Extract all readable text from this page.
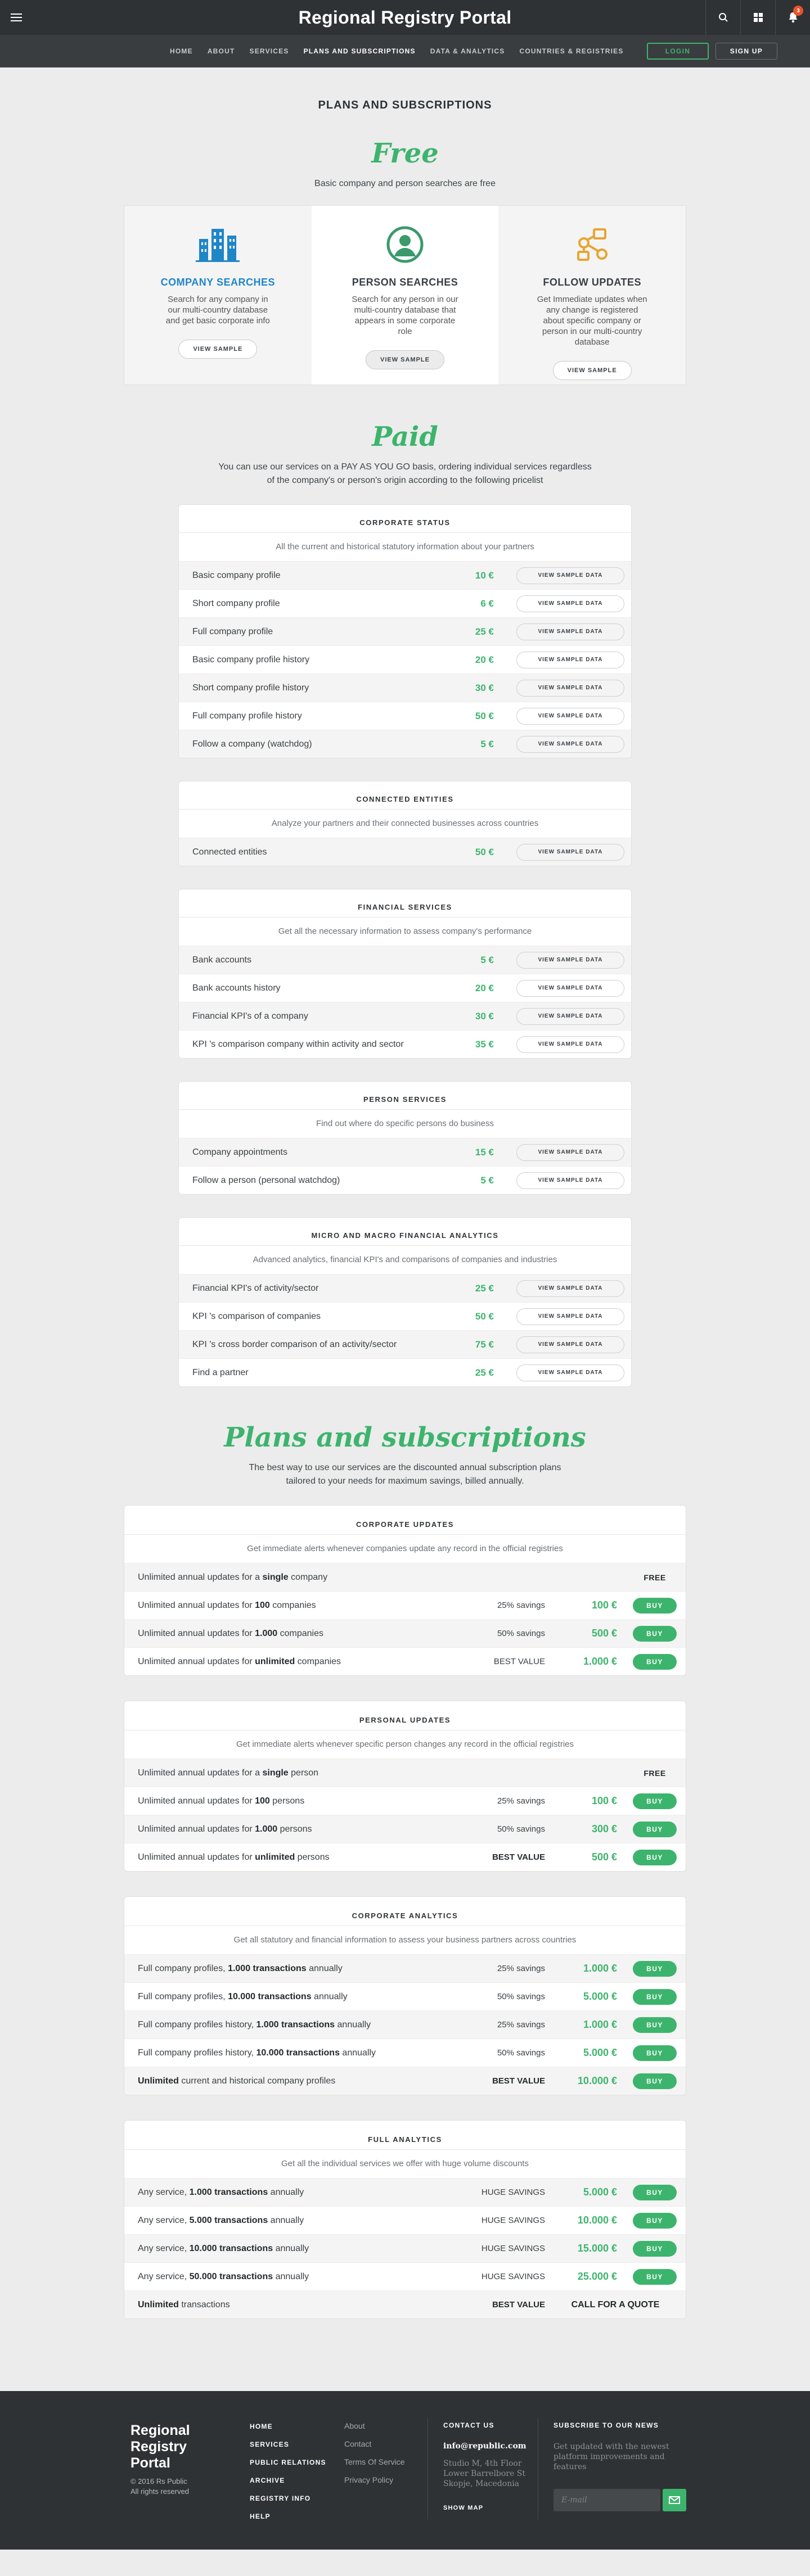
Regional Registry Portal	3
HOME ABOUT SERVICES PLANS AND SUBSCRIPTIONS DATA & ANALYTICS COUNTRIES & REGISTRIES	LOGIN	SIGN UP
PLANS AND SUBSCRIPTIONS
Free

Basic company and person searches are free

COMPANY SEARCHES

Search for any company in our multi-country database and get basic corporate info

VIEW SAMPLE
PERSON SEARCHES

Search for any person in our multi-country database that appears in some corporate role

VIEW SAMPLE
FOLLOW UPDATES

Get Immediate updates when any change is registered about specific company or person in our multi-country database

VIEW SAMPLE
Paid

You can use our services on a PAY AS YOU GO basis, ordering individual services regardless

of the company's or person's origin according to the following pricelist

CORPORATE STATUS
All the current and historical statutory information about your partners
Basic company profile	10 €	VIEW SAMPLE DATA
Short company profile	6 €	VIEW SAMPLE DATA
Full company profile	25 €	VIEW SAMPLE DATA
Basic company profile history	20 €	VIEW SAMPLE DATA
Short company profile history	30 €	VIEW SAMPLE DATA
Full company profile history	50 €	VIEW SAMPLE DATA
Follow a company (watchdog)	5 €	VIEW SAMPLE DATA
CONNECTED ENTITIES
Analyze your partners and their connected businesses across countries
Connected entities	50 €	VIEW SAMPLE DATA
FINANCIAL SERVICES
Get all the necessary information to assess company's performance
Bank accounts	5 €	VIEW SAMPLE DATA
Bank accounts history	20 €	VIEW SAMPLE DATA
Financial KPI's of a company	30 €	VIEW SAMPLE DATA
KPI 's comparison company within activity and sector	35 €	VIEW SAMPLE DATA
PERSON SERVICES
Find out where do specific persons do business
Company appointments	15 €	VIEW SAMPLE DATA
Follow a person (personal watchdog)	5 €	VIEW SAMPLE DATA
MICRO AND MACRO FINANCIAL ANALYTICS
Advanced analytics, financial KPI's and comparisons of companies and industries
Financial KPI's of activity/sector	25 €	VIEW SAMPLE DATA
KPI 's comparison of companies	50 €	VIEW SAMPLE DATA
KPI 's cross border comparison of an activity/sector	75 €	VIEW SAMPLE DATA
Find a partner	25 €	VIEW SAMPLE DATA
Plans and subscriptions

The best way to use our services are the discounted annual subscription plans

tailored to your needs for maximum savings, billed annually.

CORPORATE UPDATES
Get immediate alerts whenever companies update any record in the official registries
Unlimited annual updates for a single company	FREE
Unlimited annual updates for 100 companies	25% savings	100 €	BUY
Unlimited annual updates for 1.000 companies	50% savings	500 €	BUY
Unlimited annual updates for unlimited companies	BEST VALUE	1.000 €	BUY
PERSONAL UPDATES
Get immediate alerts whenever specific person changes any record in the official registries
Unlimited annual updates for a single person	FREE
Unlimited annual updates for 100 persons	25% savings	100 €	BUY
Unlimited annual updates for 1.000 persons	50% savings	300 €	BUY
Unlimited annual updates for unlimited persons	BEST VALUE	500 €	BUY
CORPORATE ANALYTICS
Get all statutory and financial information to assess your business partners across countries
Full company profiles, 1.000 transactions annually	25% savings	1.000 €	BUY
Full company profiles, 10.000 transactions annually	50% savings	5.000 €	BUY
Full company profiles history, 1.000 transactions annually	25% savings	1.000 €	BUY
Full company profiles history, 10.000 transactions annually	50% savings	5.000 €	BUY
Unlimited current and historical company profiles	BEST VALUE	10.000 €	BUY
FULL ANALYTICS
Get all the individual services we offer with huge volume discounts
Any service, 1.000 transactions annually	HUGE SAVINGS	5.000 €	BUY
Any service, 5.000 transactions annually	HUGE SAVINGS	10.000 €	BUY
Any service, 10.000 transactions annually	HUGE SAVINGS	15.000 €	BUY
Any service, 50.000 transactions annually	HUGE SAVINGS	25.000 €	BUY
Unlimited transactions	BEST VALUE	CALL FOR A QUOTE
Regional
Registry
Portal
© 2016 Rs Public
All rights reserved
HOME
SERVICES
PUBLIC RELATIONS
ARCHIVE
REGISTRY INFO
HELP
About
Contact
Terms Of Service
Privacy Policy
CONTACT US
info@republic.com
Studio M, 4th Floor
Lower Barrelbore St
Skopje, Macedonia
SHOW MAP
SUBSCRIBE TO OUR NEWS

Get updated with the newest platform improvements and features

E-mail
